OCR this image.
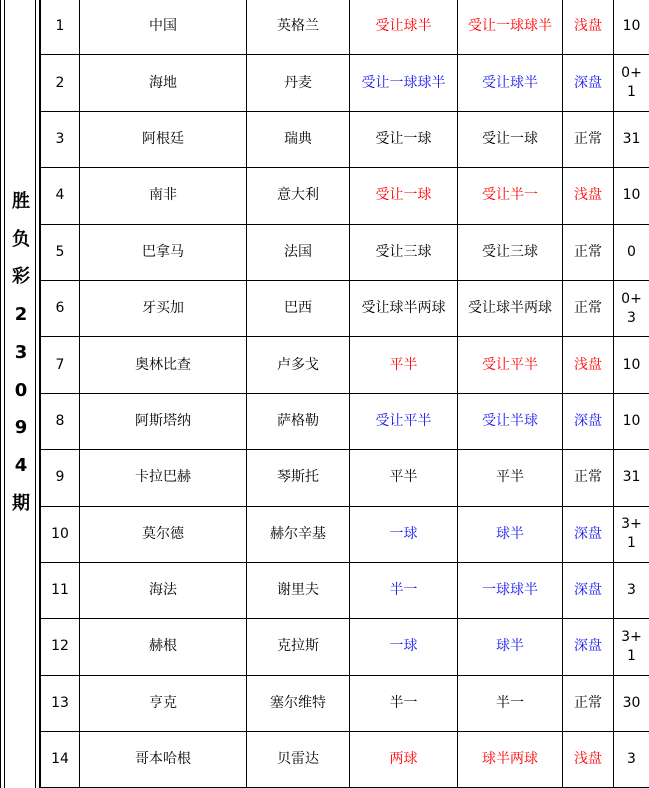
胜
负
彩
2
3
0
9
4
期
1	中国	英格兰	受让球半	受让一球球半	浅盘	10
2	海地	丹麦	受让一球球半	受让球半	深盘	0+1
3	阿根廷	瑞典	受让一球	受让一球	正常	31
4	南非	意大利	受让一球	受让半一	浅盘	10
5	巴拿马	法国	受让三球	受让三球	正常	0
6	牙买加	巴西	受让球半两球	受让球半两球	正常	0+3
7	奥林比查	卢多戈	平半	受让平半	浅盘	10
8	阿斯塔纳	萨格勒	受让平半	受让半球	深盘	10
9	卡拉巴赫	琴斯托	平半	平半	正常	31
10	莫尔德	赫尔辛基	一球	球半	深盘	3+1
11	海法	谢里夫	半一	一球球半	深盘	3
12	赫根	克拉斯	一球	球半	深盘	3+1
13	亨克	塞尔维特	半一	半一	正常	30
14	哥本哈根	贝雷达	两球	球半两球	浅盘	3
